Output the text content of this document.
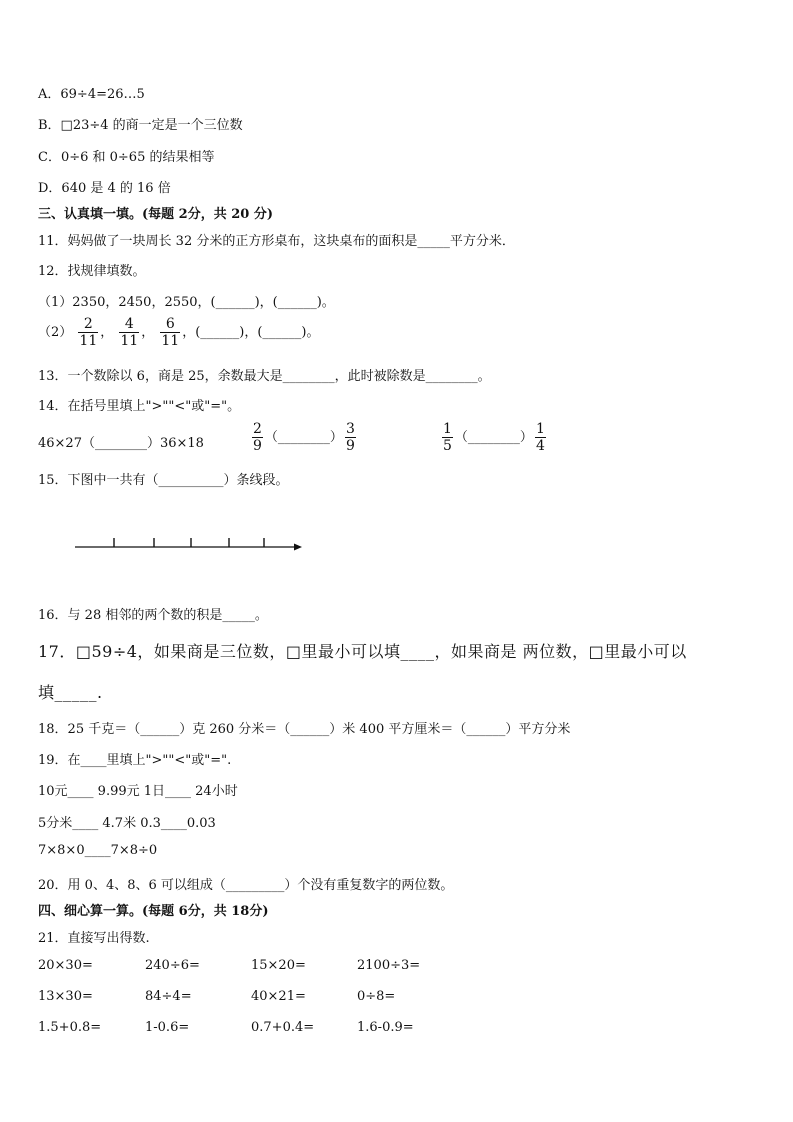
A．69÷4=26…5
B．□23÷4 的商一定是一个三位数
C．0÷6 和 0÷65 的结果相等
D．640 是 4 的 16 倍
三、认真填一填。(每题 2分，共 20 分)
11．妈妈做了一块周长 32 分米的正方形桌布，这块桌布的面积是_____平方分米．
12．找规律填数。
（1）2350，2450，2550，(______)，(______)。
$(2) \frac{2}{11}$ ， $\frac{4}{11}$ ， $\frac{6}{11}$ ，(______)，(______)。
13．一个数除以 6，商是 25，余数最大是________，此时被除数是________。
14．在括号里填上">""<"或"="。
46×27（________）36×18	$\frac{2}{9}$ （________） $\frac{3}{9}$	$\frac{1}{5}$ （________） $\frac{1}{4}$
15．下图中一共有（__________）条线段。
16．与 28 相邻的两个数的积是_____。
17．□59÷4，如果商是三位数，□里最小可以填____，如果商是 两位数，□里最小可以
填_____.
18．25 千克＝（______）克 260 分米＝（______）米 400 平方厘米＝（______）平方分米
19．在____里填上">""<"或"=".
10元____ 9.99元 1日____ 24小时
5分米____ 4.7米 0.3____0.03
7×8×0____7×8÷0
20．用 0、4、8、6 可以组成（_________）个没有重复数字的两位数。
四、细心算一算。(每题 6分，共 18分)
21．直接写出得数.
20×30=	240÷6=	15×20=	2100÷3=
13×30=	84÷4=	40×21=	0÷8=
1.5+0.8=	1-0.6=	0.7+0.4=	1.6-0.9=
